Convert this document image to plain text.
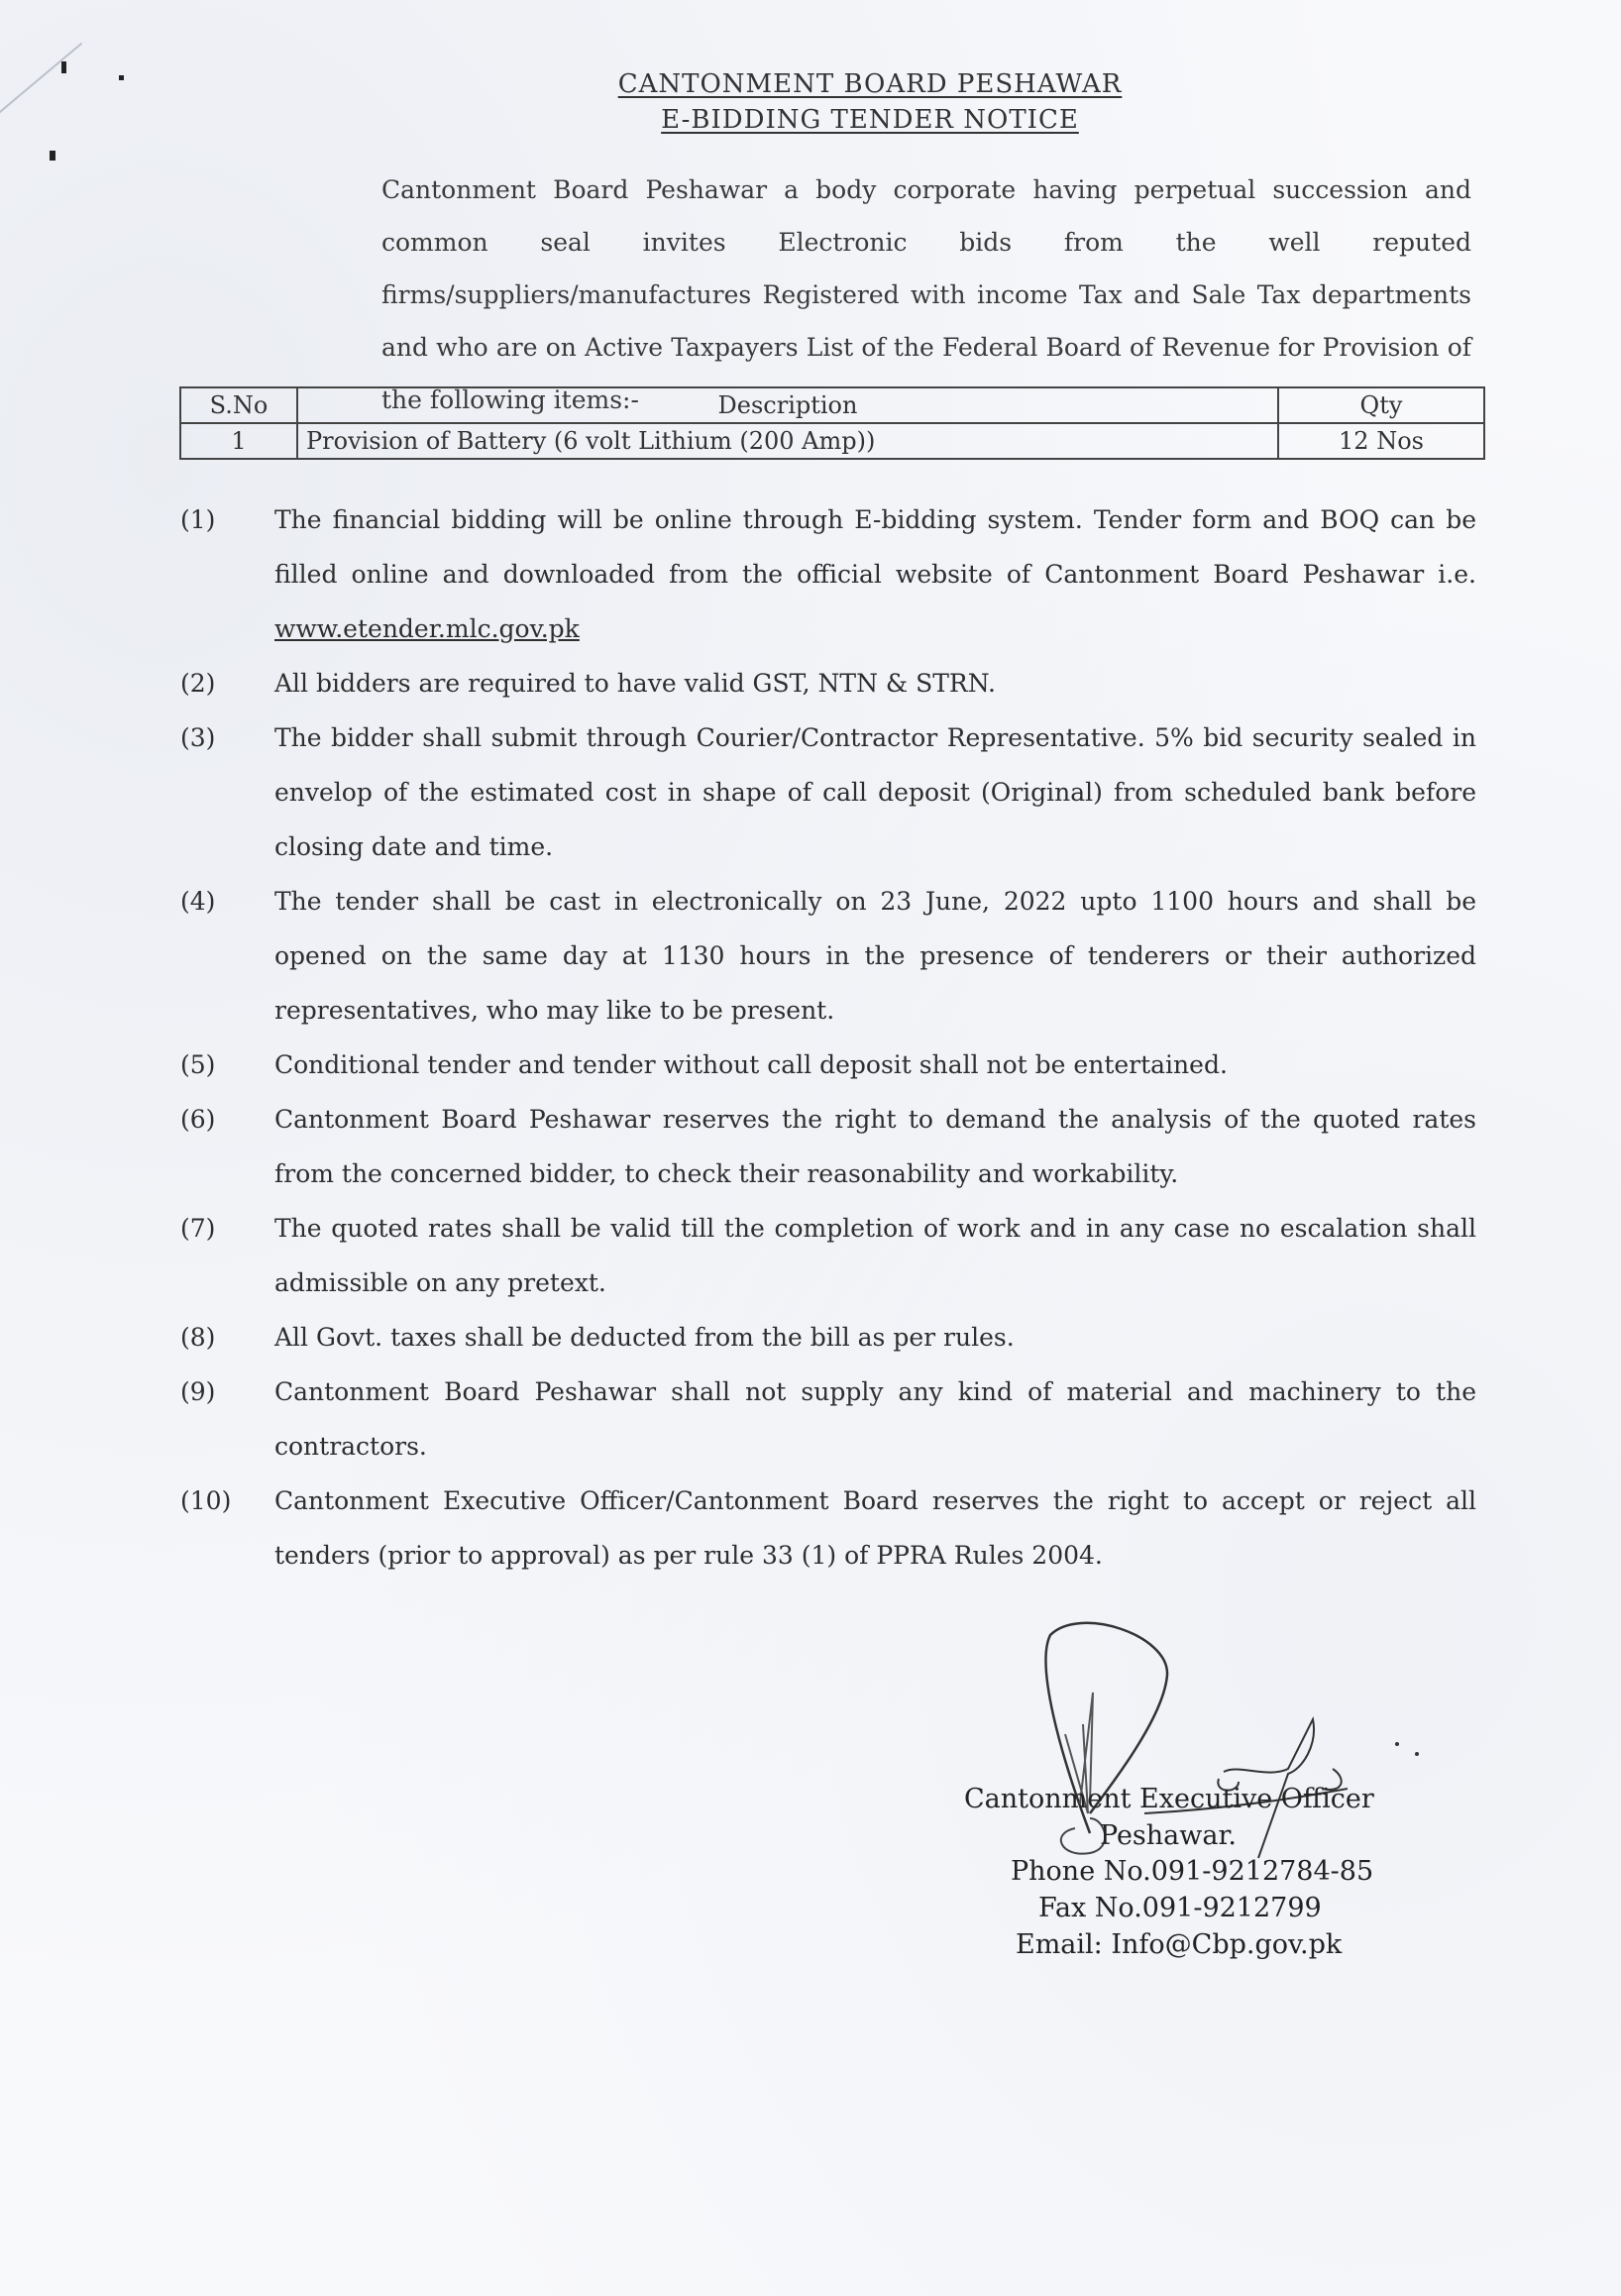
CANTONMENT BOARD PESHAWAR
E-BIDDING TENDER NOTICE
Cantonment Board Peshawar a body corporate having perpetual succession and common seal invites Electronic bids from the well reputed firms/suppliers/manufactures Registered with income Tax and Sale Tax departments and who are on Active Taxpayers List of the Federal Board of Revenue for Provision of the following items:-
S.No	Description	Qty
1	Provision of Battery (6 volt Lithium (200 Amp))	12 Nos
(1) The financial bidding will be online through E-bidding system. Tender form and BOQ can be filled online and downloaded from the official website of Cantonment Board Peshawar i.e. www.etender.mlc.gov.pk
(2) All bidders are required to have valid GST, NTN & STRN.
(3) The bidder shall submit through Courier/Contractor Representative. 5% bid security sealed in envelop of the estimated cost in shape of call deposit (Original) from scheduled bank before closing date and time.
(4) The tender shall be cast in electronically on 23 June, 2022 upto 1100 hours and shall be opened on the same day at 1130 hours in the presence of tenderers or their authorized representatives, who may like to be present.
(5) Conditional tender and tender without call deposit shall not be entertained.
(6) Cantonment Board Peshawar reserves the right to demand the analysis of the quoted rates from the concerned bidder, to check their reasonability and workability.
(7) The quoted rates shall be valid till the completion of work and in any case no escalation shall admissible on any pretext.
(8) All Govt. taxes shall be deducted from the bill as per rules.
(9) Cantonment Board Peshawar shall not supply any kind of material and machinery to the contractors.
(10) Cantonment Executive Officer/Cantonment Board reserves the right to accept or reject all tenders (prior to approval) as per rule 33 (1) of PPRA Rules 2004.
Cantonment Executive Officer
Peshawar.
Phone No.091-9212784-85
Fax No.091-9212799
Email: Info@Cbp.gov.pk
